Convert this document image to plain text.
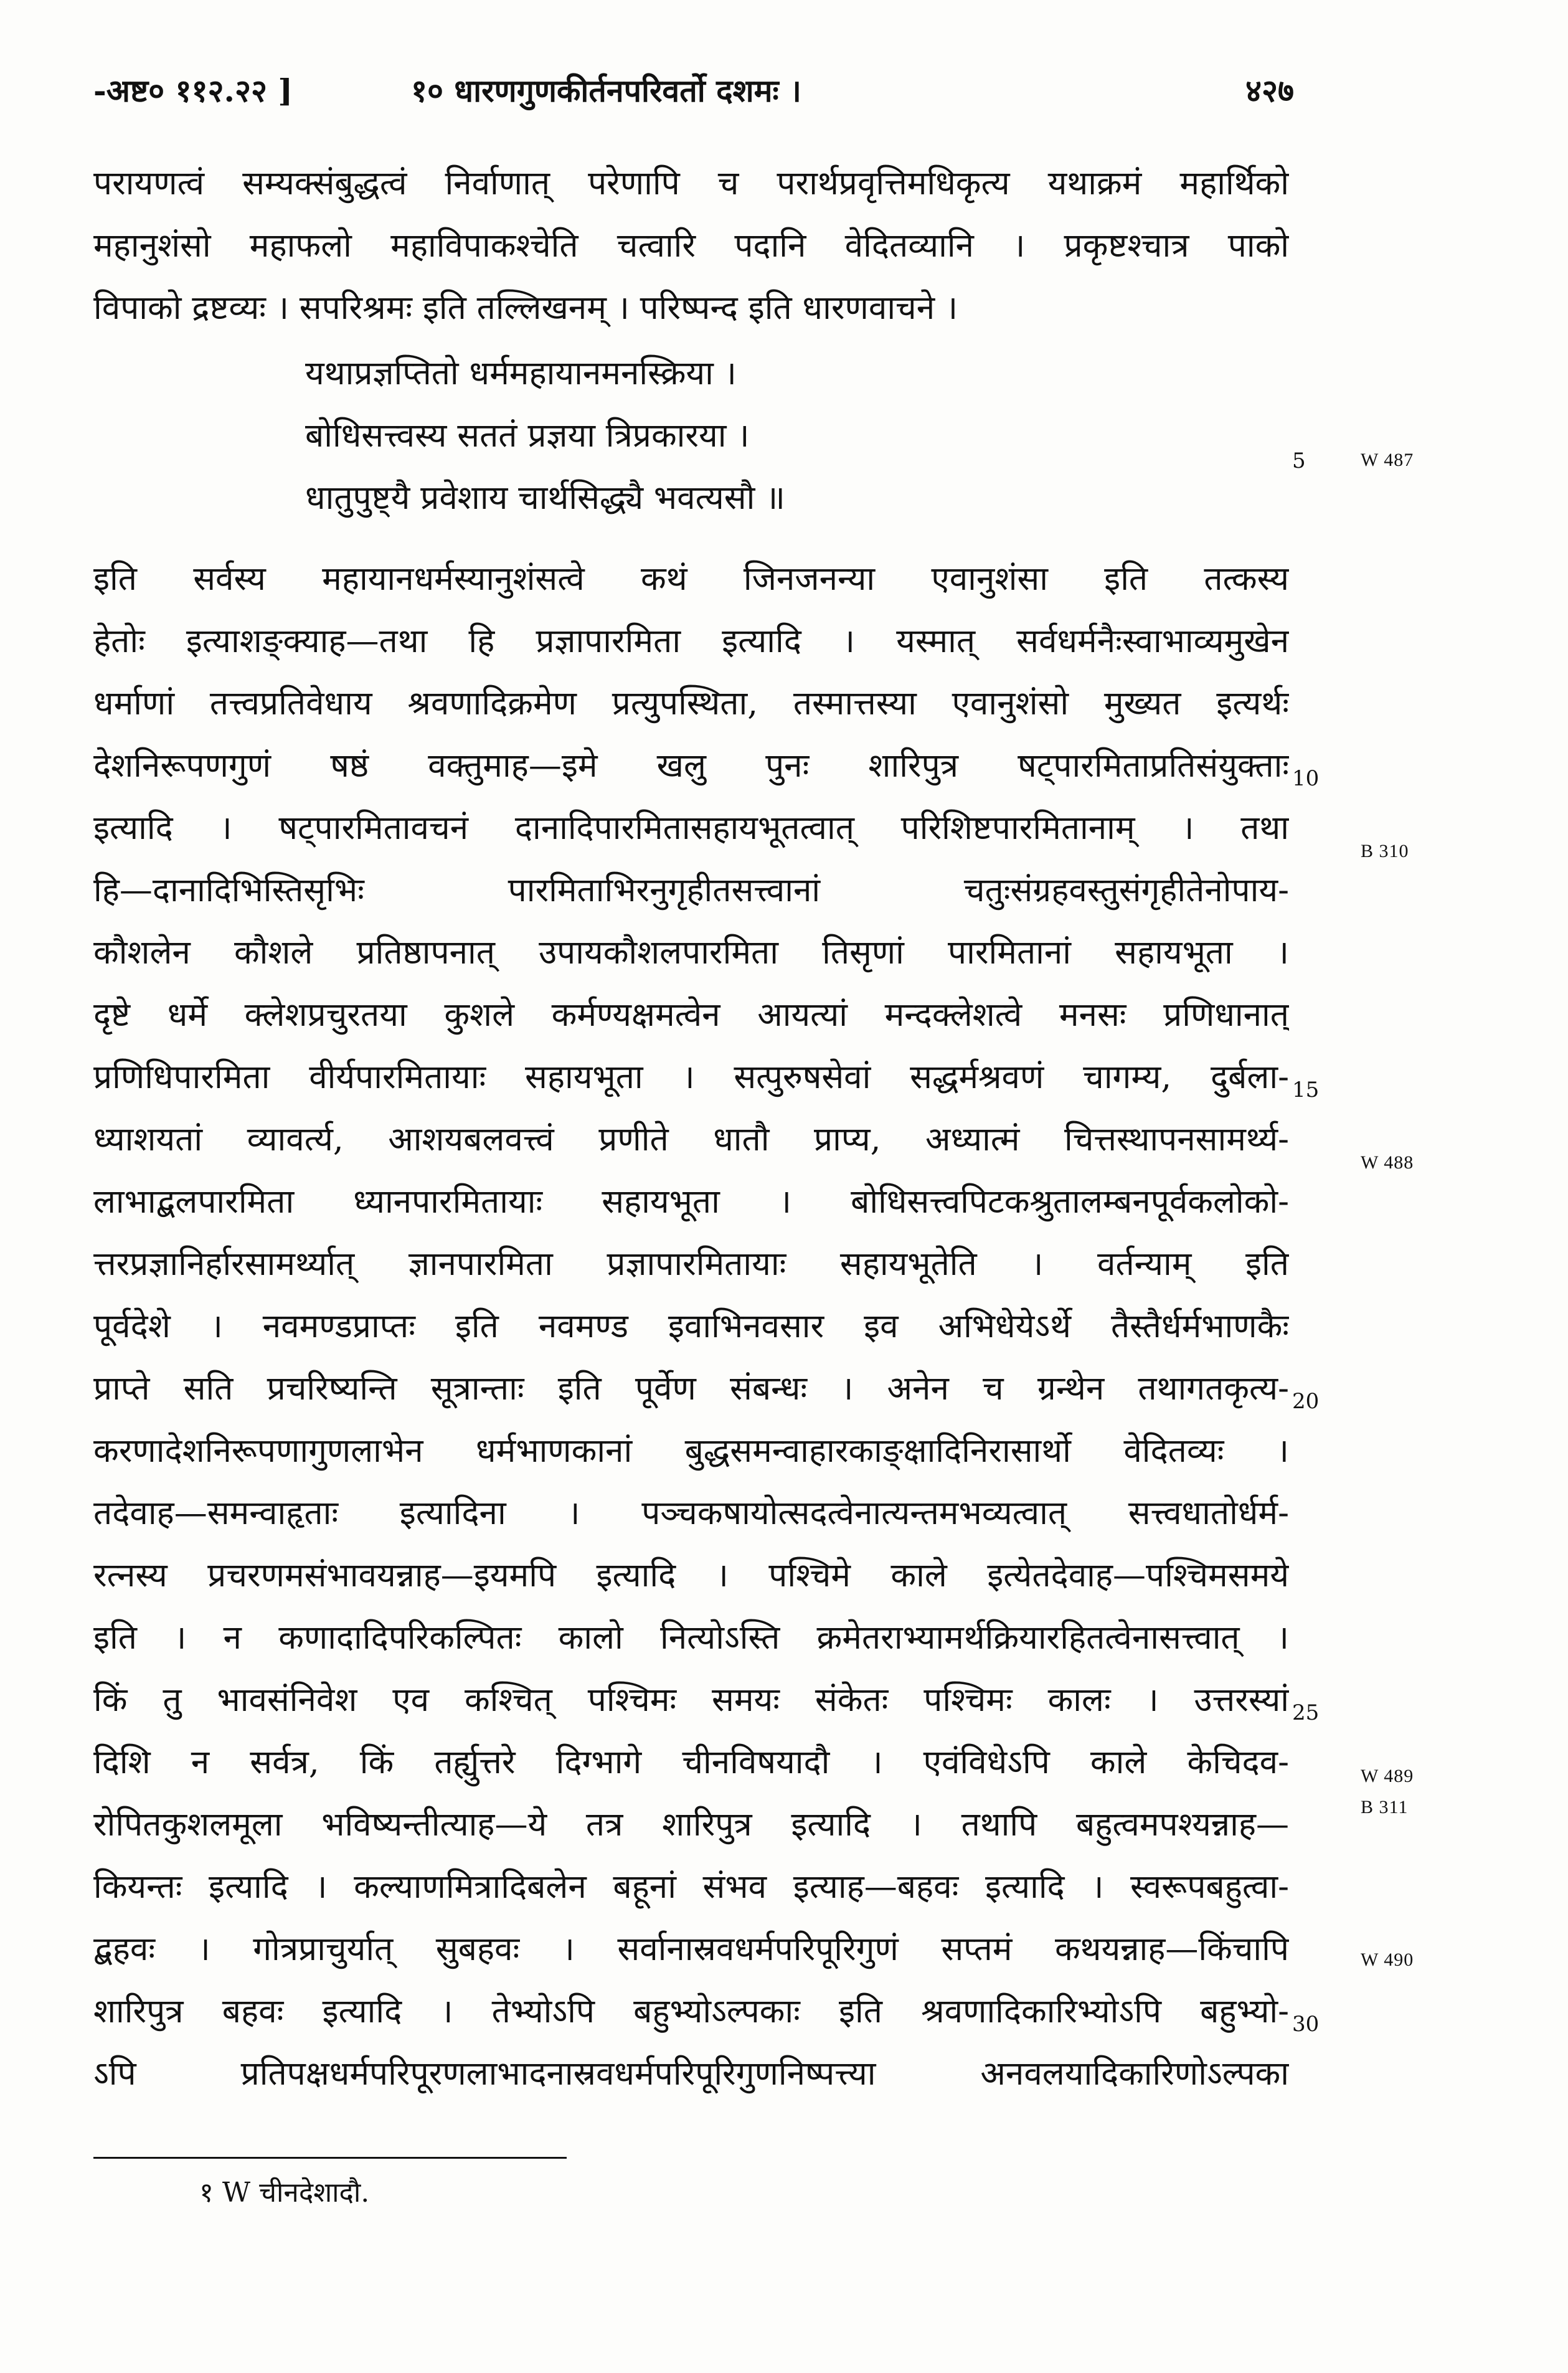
-अष्ट० ११२.२२ ]	१० धारणगुणकीर्तनपरिवर्तो दशमः ।	४२७
परायणत्वं सम्यक्संबुद्धत्वं निर्वाणात् परेणापि च परार्थप्रवृत्तिमधिकृत्य यथाक्रमं महार्थिको
महानुशंसो महाफलो महाविपाकश्चेति चत्वारि पदानि वेदितव्यानि । प्रकृष्टश्चात्र पाको
विपाको द्रष्टव्यः । सपरिश्रमः इति तल्लिखनम् । परिष्पन्द इति धारणवाचने ।
यथाप्रज्ञप्तितो धर्ममहायानमनस्क्रिया ।
बोधिसत्त्वस्य सततं प्रज्ञया त्रिप्रकारया ।
धातुपुष्ट्यै प्रवेशाय चार्थसिद्ध्यै भवत्यसौ ॥
इति सर्वस्य महायानधर्मस्यानुशंसत्वे कथं जिनजनन्या एवानुशंसा इति तत्कस्य
हेतोः इत्याशङ्क्याह—तथा हि प्रज्ञापारमिता इत्यादि । यस्मात् सर्वधर्मनैःस्वाभाव्यमुखेन
धर्माणां तत्त्वप्रतिवेधाय श्रवणादिक्रमेण प्रत्युपस्थिता, तस्मात्तस्या एवानुशंसो मुख्यत इत्यर्थः
देशनिरूपणगुणं षष्ठं वक्तुमाह—इमे खलु पुनः शारिपुत्र षट्पारमिताप्रतिसंयुक्ताः
इत्यादि । षट्पारमितावचनं दानादिपारमितासहायभूतत्वात् परिशिष्टपारमितानाम् । तथा
हि—दानादिभिस्तिसृभिः पारमिताभिरनुगृहीतसत्त्वानां चतुःसंग्रहवस्तुसंगृहीतेनोपाय-
कौशलेन कौशले प्रतिष्ठापनात् उपायकौशलपारमिता तिसृणां पारमितानां सहायभूता ।
दृष्टे धर्मे क्लेशप्रचुरतया कुशले कर्मण्यक्षमत्वेन आयत्यां मन्दक्लेशत्वे मनसः प्रणिधानात्
प्रणिधिपारमिता वीर्यपारमितायाः सहायभूता । सत्पुरुषसेवां सद्धर्मश्रवणं चागम्य, दुर्बला-
ध्याशयतां व्यावर्त्य, आशयबलवत्त्वं प्रणीते धातौ प्राप्य, अध्यात्मं चित्तस्थापनसामर्थ्य-
लाभाद्बलपारमिता ध्यानपारमितायाः सहायभूता । बोधिसत्त्वपिटकश्रुतालम्बनपूर्वकलोको-
त्तरप्रज्ञानिर्हारसामर्थ्यात् ज्ञानपारमिता प्रज्ञापारमितायाः सहायभूतेति । वर्तन्याम् इति
पूर्वदेशे । नवमण्डप्राप्तः इति नवमण्ड इवाभिनवसार इव अभिधेयेऽर्थे तैस्तैर्धर्मभाणकैः
प्राप्ते सति प्रचरिष्यन्ति सूत्रान्ताः इति पूर्वेण संबन्धः । अनेन च ग्रन्थेन तथागतकृत्य-
करणादेशनिरूपणागुणलाभेन धर्मभाणकानां बुद्धसमन्वाहारकाङ्क्षादिनिरासार्थो वेदितव्यः ।
तदेवाह—समन्वाहृताः इत्यादिना । पञ्चकषायोत्सदत्वेनात्यन्तमभव्यत्वात् सत्त्वधातोर्धर्म-
रत्नस्य प्रचरणमसंभावयन्नाह—इयमपि इत्यादि । पश्चिमे काले इत्येतदेवाह—पश्चिमसमये
इति । न कणादादिपरिकल्पितः कालो नित्योऽस्ति क्रमेतराभ्यामर्थक्रियारहितत्वेनासत्त्वात् ।
किं तु भावसंनिवेश एव कश्चित् पश्चिमः समयः संकेतः पश्चिमः कालः । उत्तरस्यां
दिशि न सर्वत्र, किं तर्ह्युत्तरे दिग्भागे चीनविषयादौ । एवंविधेऽपि काले केचिदव-
रोपितकुशलमूला भविष्यन्तीत्याह—ये तत्र शारिपुत्र इत्यादि । तथापि बहुत्वमपश्यन्नाह—
कियन्तः इत्यादि । कल्याणमित्रादिबलेन बहूनां संभव इत्याह—बहवः इत्यादि । स्वरूपबहुत्वा-
द्बहवः । गोत्रप्राचुर्यात् सुबहवः । सर्वानास्रवधर्मपरिपूरिगुणं सप्तमं कथयन्नाह—किंचापि
शारिपुत्र बहवः इत्यादि । तेभ्योऽपि बहुभ्योऽल्पकाः इति श्रवणादिकारिभ्योऽपि बहुभ्यो-
ऽपि प्रतिपक्षधर्मपरिपूरणलाभादनास्रवधर्मपरिपूरिगुणनिष्पत्त्या अनवलयादिकारिणोऽल्पका
5
10
15
20
25
30
W 487
B 310
W 488
W 489
B 311
W 490
१ W चीनदेशादौ.
